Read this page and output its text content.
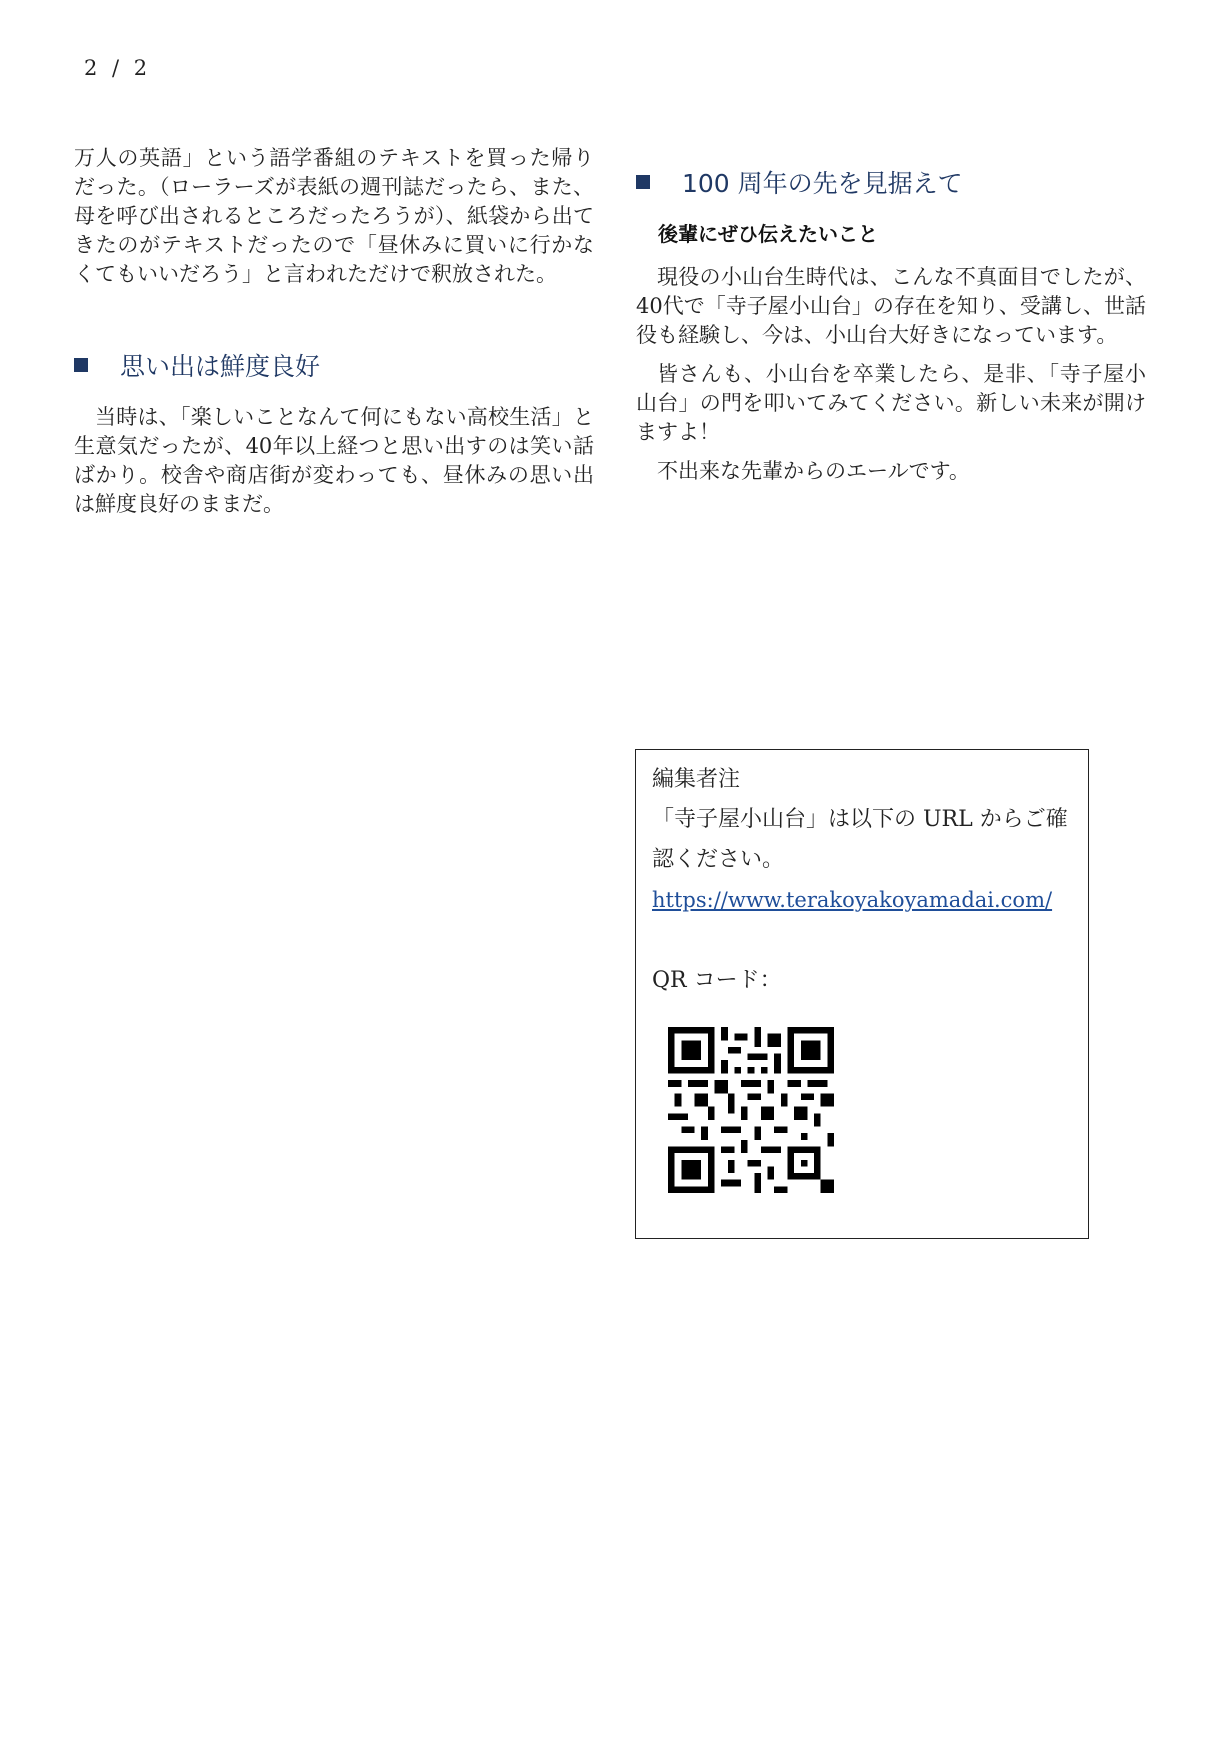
2 / 2

万人の英語」という語学番組のテキストを買った帰りだった。（ローラーズが表紙の週刊誌だったら、また、母を呼び出されるところだったろうが）、紙袋から出てきたのがテキストだったので「昼休みに買いに行かなくてもいいだろう」と言われただけで釈放された。

思い出は鮮度良好

当時は、「楽しいことなんて何にもない高校生活」と生意気だったが、40年以上経つと思い出すのは笑い話ばかり。校舎や商店街が変わっても、昼休みの思い出は鮮度良好のままだ。

100 周年の先を見据えて
後輩にぜひ伝えたいこと

現役の小山台生時代は、こんな不真面目でしたが、40代で「寺子屋小山台」の存在を知り、受講し、世話役も経験し、今は、小山台大好きになっています。

皆さんも、小山台を卒業したら、是非、「寺子屋小山台」の門を叩いてみてください。新しい未来が開けますよ！

不出来な先輩からのエールです。

編集者注
「寺子屋小山台」は以下の URL からご確認ください。
https://www.terakoyakoyamadai.com/
QR コード：
